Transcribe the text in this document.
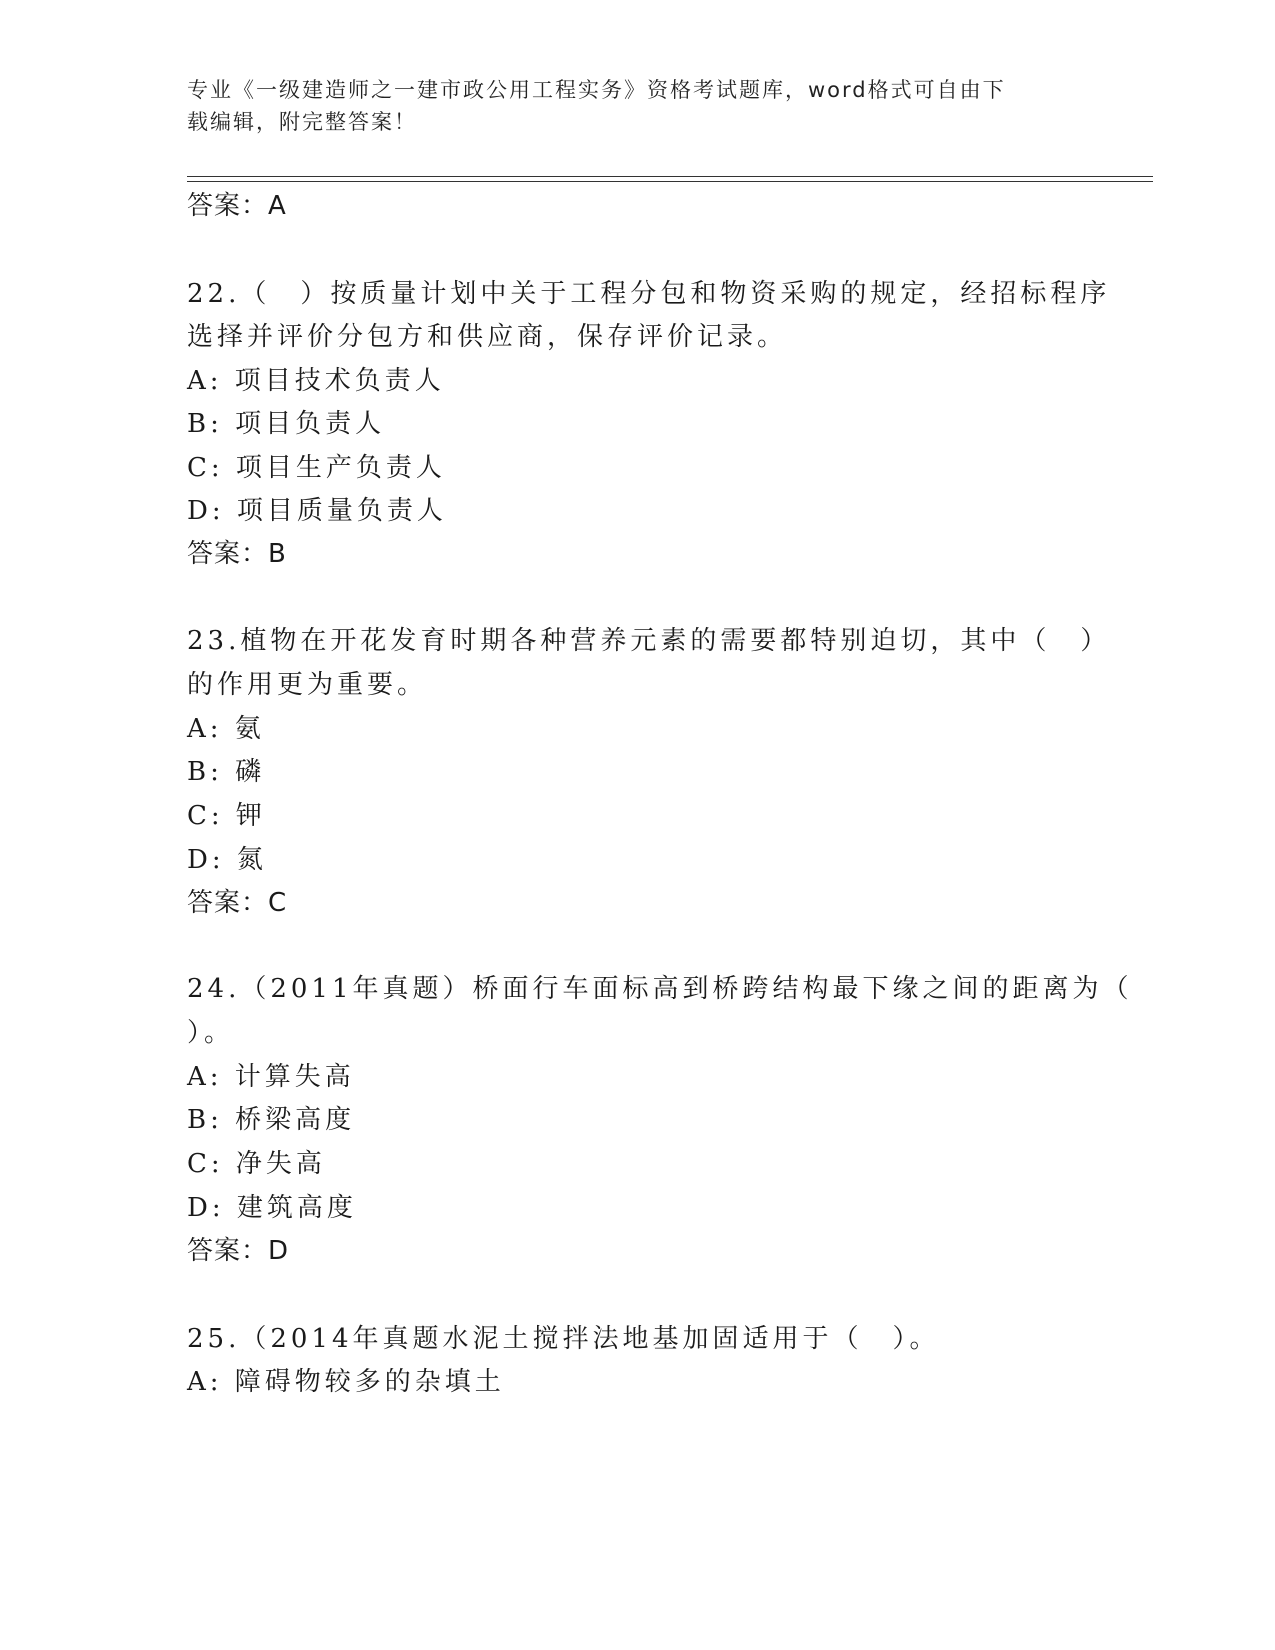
专业《一级建造师之一建市政公用工程实务》资格考试题库，word格式可自由下
载编辑，附完整答案！
答案：A
22.（　）按质量计划中关于工程分包和物资采购的规定，经招标程序
选择并评价分包方和供应商，保存评价记录。
A: 项目技术负责人
B: 项目负责人
C: 项目生产负责人
D: 项目质量负责人
答案：B
23.植物在开花发育时期各种营养元素的需要都特别迫切，其中（　）
的作用更为重要。
A: 氨
B: 磷
C: 钾
D: 氮
答案：C
24.（2011年真题）桥面行车面标高到桥跨结构最下缘之间的距离为（
）。
A: 计算失高
B: 桥梁高度
C: 净失高
D: 建筑高度
答案：D
25.（2014年真题水泥土搅拌法地基加固适用于（　）。
A: 障碍物较多的杂填土
